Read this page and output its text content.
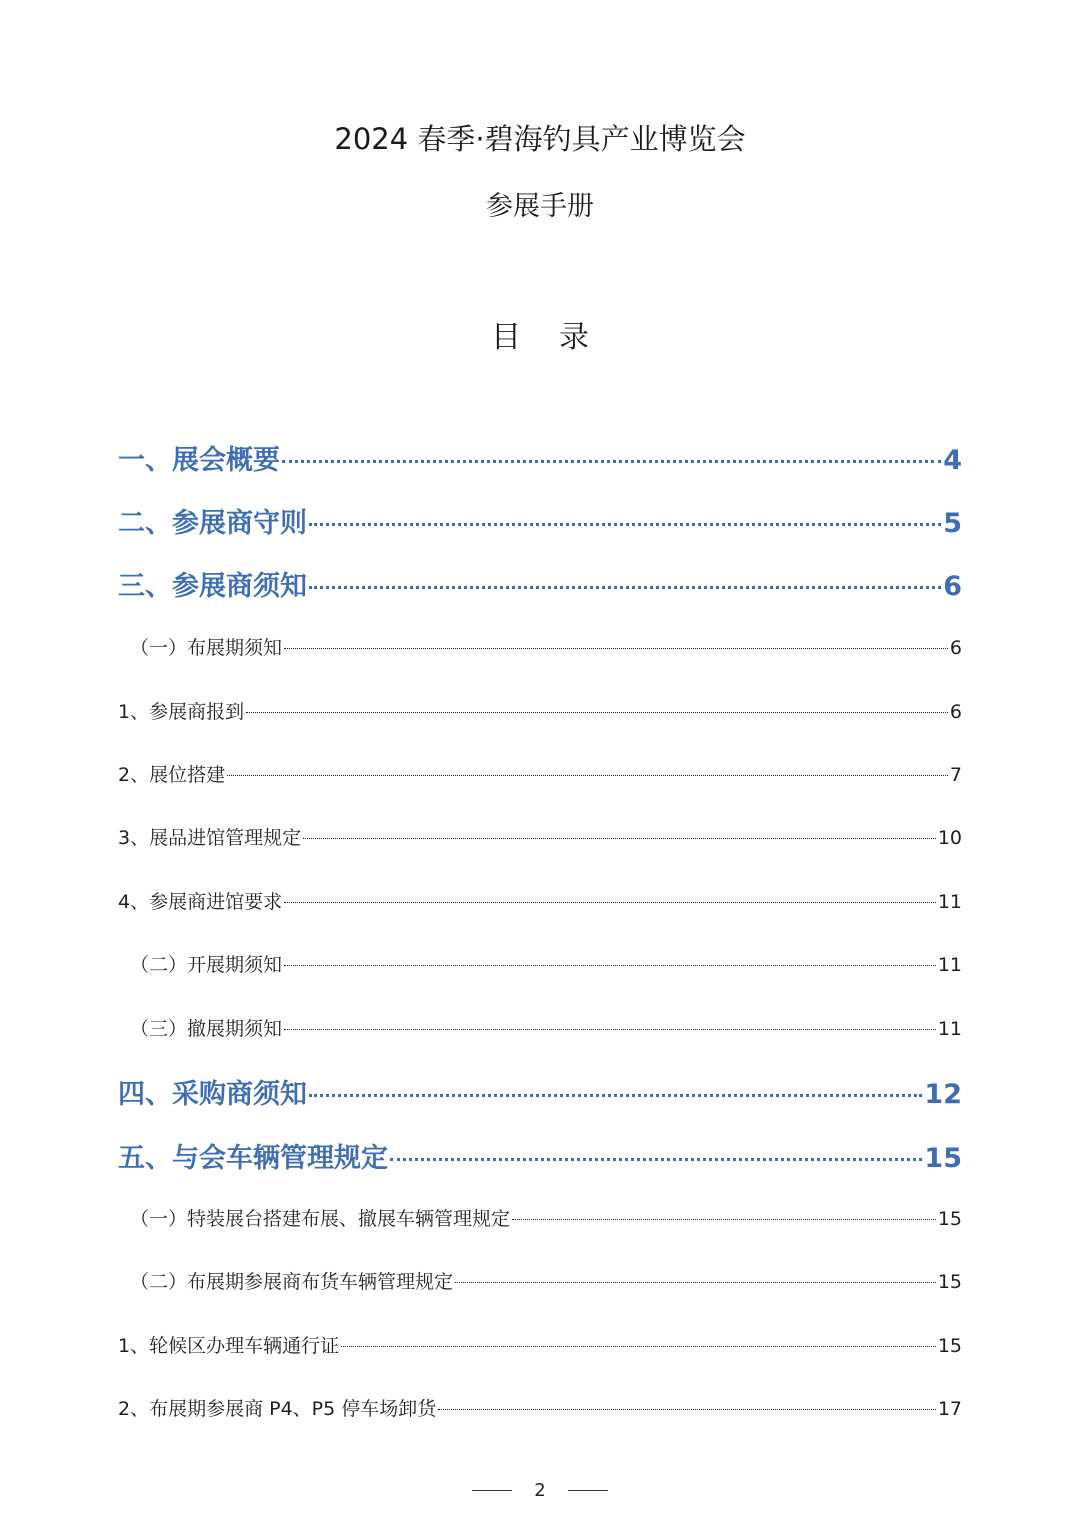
2024 春季·碧海钓具产业博览会
参展手册
目录
一、展会概要	4
二、参展商守则	5
三、参展商须知	6
（一）布展期须知	6
1、参展商报到	6
2、展位搭建	7
3、展品进馆管理规定	10
4、参展商进馆要求	11
（二）开展期须知	11
（三）撤展期须知	11
四、采购商须知	12
五、与会车辆管理规定	15
（一）特装展台搭建布展、撤展车辆管理规定	15
（二）布展期参展商布货车辆管理规定	15
1、轮候区办理车辆通行证	15
2、布展期参展商 P4、P5 停车场卸货	17
2
